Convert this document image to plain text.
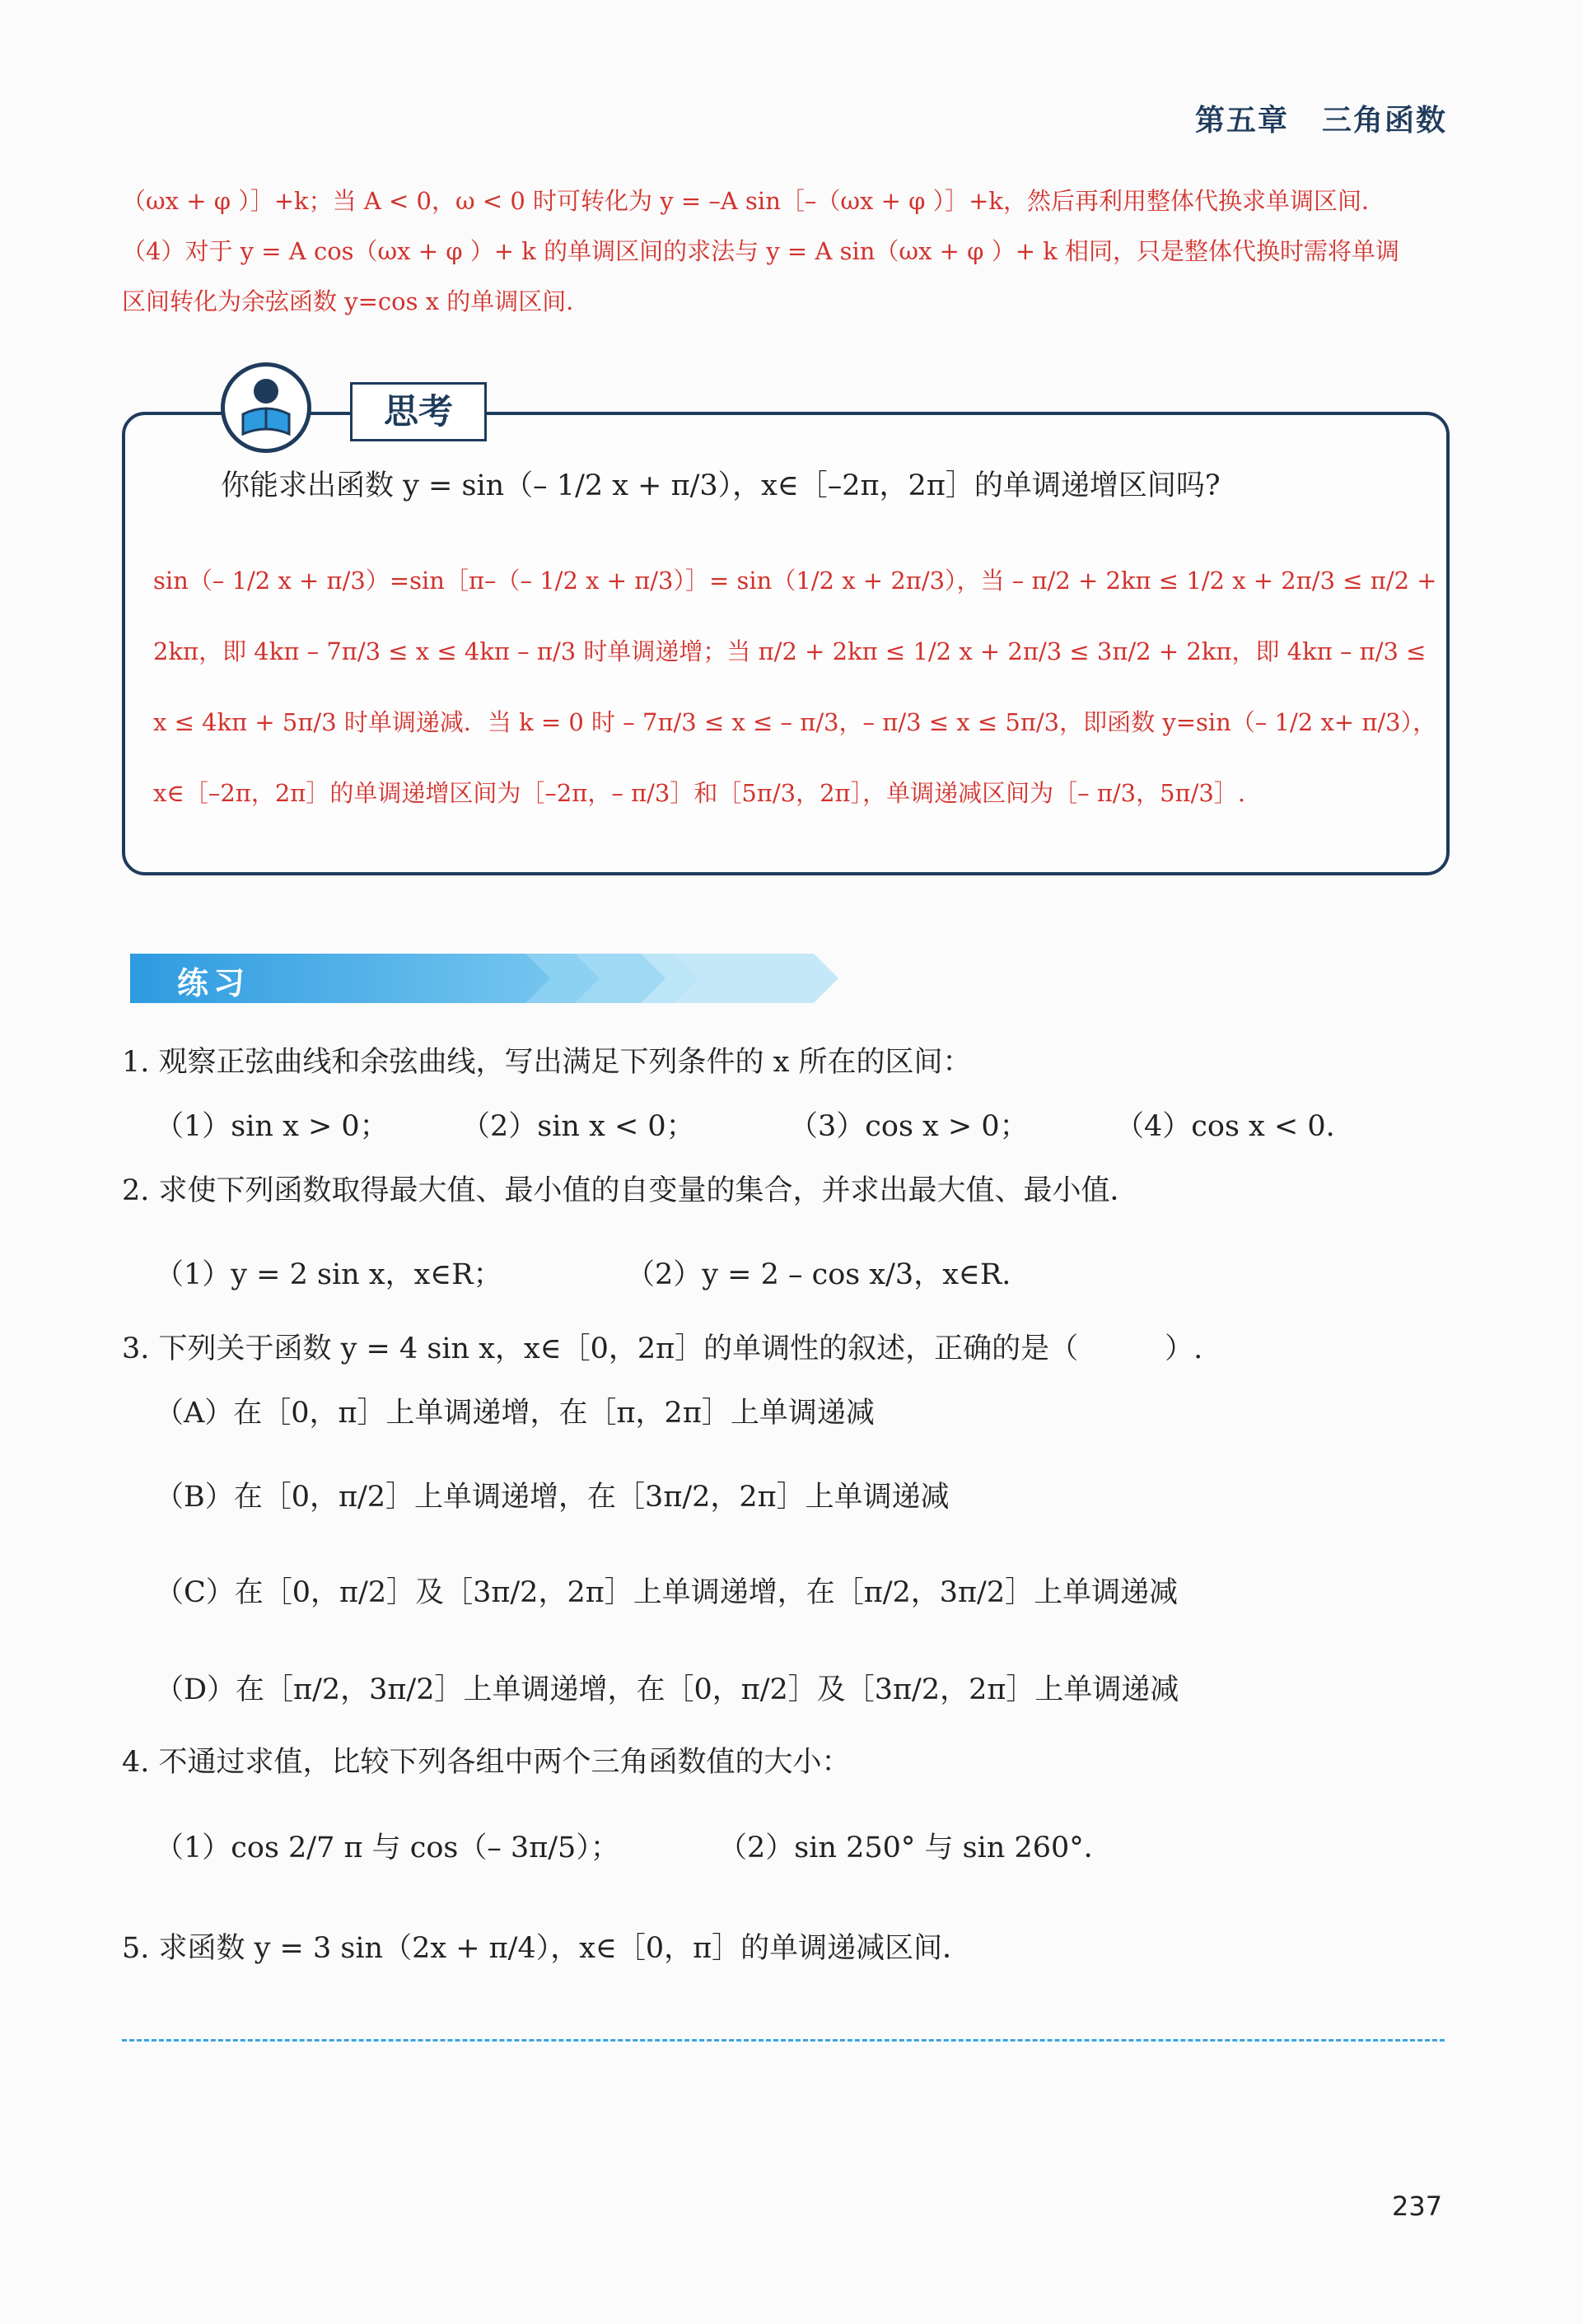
第五章 三角函数

（ωx + φ ）］+k；当 A < 0，ω < 0 时可转化为 y = –A sin［–（ωx + φ ）］+k，然后再利用整体代换求单调区间．

（4）对于 y = A cos（ωx + φ ）+ k 的单调区间的求法与 y = A sin（ωx + φ ）+ k 相同，只是整体代换时需将单调

区间转化为余弦函数 y=cos x 的单调区间．

思考
你能求出函数 y = sin（– 1/2 x + π/3），x∈［–2π，2π］的单调递增区间吗?

sin（– 1/2 x + π/3）=sin［π–（– 1/2 x + π/3）］= sin（1/2 x + 2π/3），当 – π/2 + 2kπ ≤ 1/2 x + 2π/3 ≤ π/2 +

2kπ，即 4kπ – 7π/3 ≤ x ≤ 4kπ – π/3 时单调递增；当 π/2 + 2kπ ≤ 1/2 x + 2π/3 ≤ 3π/2 + 2kπ，即 4kπ – π/3 ≤

x ≤ 4kπ + 5π/3 时单调递减．当 k = 0 时 – 7π/3 ≤ x ≤ – π/3，– π/3 ≤ x ≤ 5π/3，即函数 y=sin（– 1/2 x+ π/3），

x∈［–2π，2π］的单调递增区间为［–2π，– π/3］和［5π/3，2π］，单调递减区间为［– π/3，5π/3］.

练习
1. 观察正弦曲线和余弦曲线，写出满足下列条件的 x 所在的区间：
（1）sin x > 0；	（2）sin x < 0；	（3）cos x > 0；	（4）cos x < 0.
2. 求使下列函数取得最大值、最小值的自变量的集合，并求出最大值、最小值．
（1）y = 2 sin x，x∈R；	（2）y = 2 – cos x/3，x∈R.
3. 下列关于函数 y = 4 sin x，x∈［0，2π］的单调性的叙述，正确的是（　　　）.
（A）在［0，π］上单调递增，在［π，2π］上单调递减
（B）在［0，π/2］上单调递增，在［3π/2，2π］上单调递减
（C）在［0，π/2］及［3π/2，2π］上单调递增，在［π/2，3π/2］上单调递减
（D）在［π/2，3π/2］上单调递增，在［0，π/2］及［3π/2，2π］上单调递减
4. 不通过求值，比较下列各组中两个三角函数值的大小：
（1）cos 2/7 π 与 cos（– 3π/5）；	（2）sin 250° 与 sin 260°．
5. 求函数 y = 3 sin（2x + π/4），x∈［0，π］的单调递减区间．
237
